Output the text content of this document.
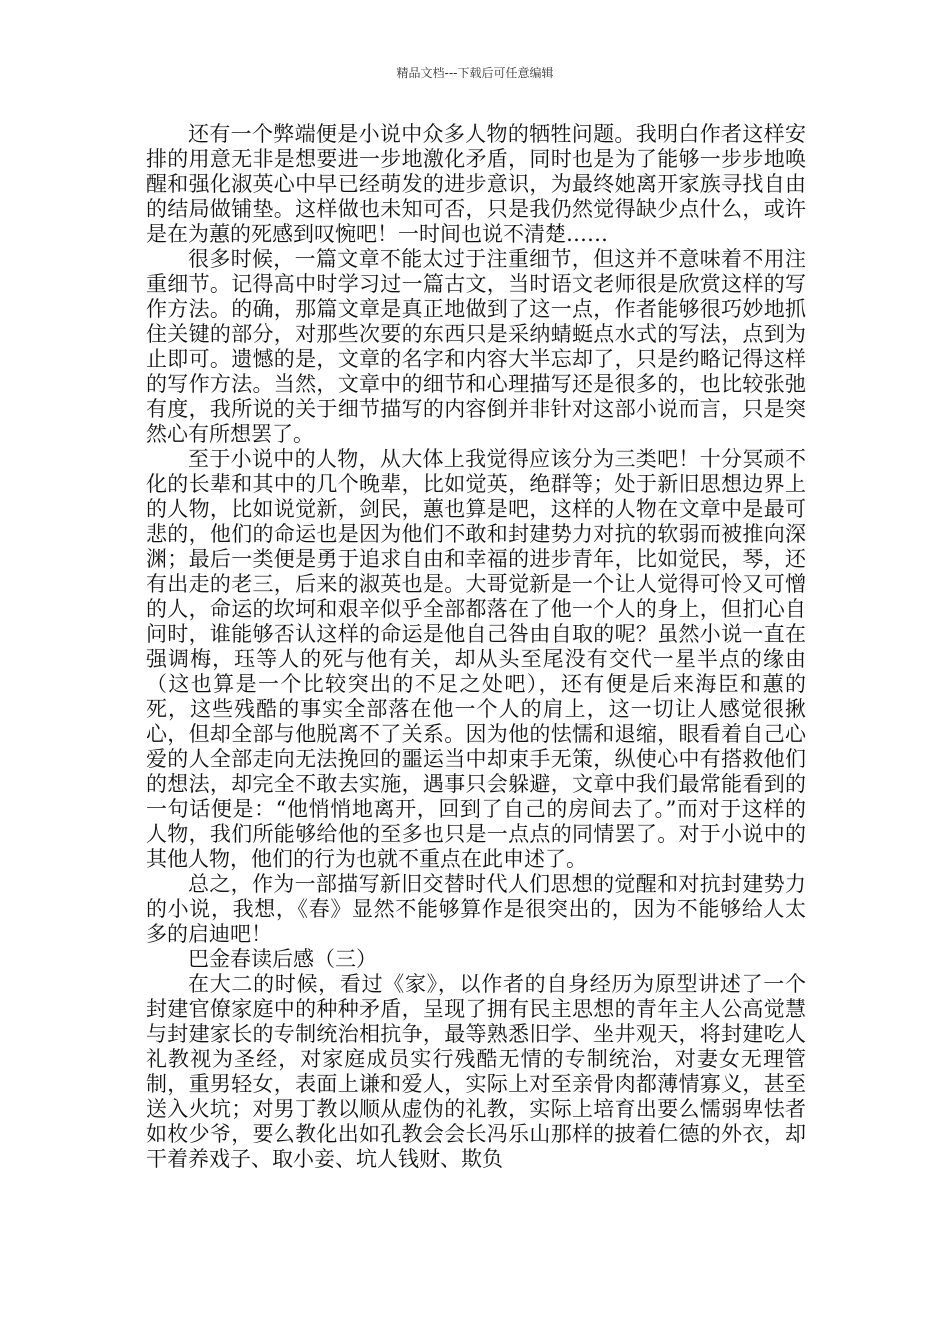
精品文档---下载后可任意编辑

还有一个弊端便是小说中众多人物的牺牲问题。我明白作者这样安排的用意无非是想要进一步地激化矛盾，同时也是为了能够一步步地唤醒和强化淑英心中早已经萌发的进步意识，为最终她离开家族寻找自由的结局做铺垫。这样做也未知可否，只是我仍然觉得缺少点什么，或许是在为蕙的死感到叹惋吧！一时间也说不清楚……

很多时候，一篇文章不能太过于注重细节，但这并不意味着不用注重细节。记得高中时学习过一篇古文，当时语文老师很是欣赏这样的写作方法。的确，那篇文章是真正地做到了这一点，作者能够很巧妙地抓住关键的部分，对那些次要的东西只是采纳蜻蜓点水式的写法，点到为止即可。遗憾的是，文章的名字和内容大半忘却了，只是约略记得这样的写作方法。当然，文章中的细节和心理描写还是很多的，也比较张弛有度，我所说的关于细节描写的内容倒并非针对这部小说而言，只是突然心有所想罢了。

至于小说中的人物，从大体上我觉得应该分为三类吧！十分冥顽不化的长辈和其中的几个晚辈，比如觉英，绝群等；处于新旧思想边界上的人物，比如说觉新，剑民，蕙也算是吧，这样的人物在文章中是最可悲的，他们的命运也是因为他们不敢和封建势力对抗的软弱而被推向深渊；最后一类便是勇于追求自由和幸福的进步青年，比如觉民，琴，还有出走的老三，后来的淑英也是。大哥觉新是一个让人觉得可怜又可憎的人，命运的坎坷和艰辛似乎全部都落在了他一个人的身上，但扪心自问时，谁能够否认这样的命运是他自己咎由自取的呢？虽然小说一直在强调梅，珏等人的死与他有关，却从头至尾没有交代一星半点的缘由（这也算是一个比较突出的不足之处吧），还有便是后来海臣和蕙的死，这些残酷的事实全部落在他一个人的肩上，这一切让人感觉很揪心，但却全部与他脱离不了关系。因为他的怯懦和退缩，眼看着自己心爱的人全部走向无法挽回的噩运当中却束手无策，纵使心中有搭救他们的想法，却完全不敢去实施，遇事只会躲避，文章中我们最常能看到的一句话便是：“他悄悄地离开，回到了自己的房间去了。”而对于这样的人物，我们所能够给他的至多也只是一点点的同情罢了。对于小说中的其他人物，他们的行为也就不重点在此申述了。

总之，作为一部描写新旧交替时代人们思想的觉醒和对抗封建势力的小说，我想，《春》显然不能够算作是很突出的，因为不能够给人太多的启迪吧！

巴金春读后感（三）

在大二的时候，看过《家》，以作者的自身经历为原型讲述了一个封建官僚家庭中的种种矛盾，呈现了拥有民主思想的青年主人公高觉慧与封建家长的专制统治相抗争，最等熟悉旧学、坐井观天，将封建吃人礼教视为圣经，对家庭成员实行残酷无情的专制统治，对妻女无理管制，重男轻女，表面上谦和爱人，实际上对至亲骨肉都薄情寡义，甚至送入火坑；对男丁教以顺从虚伪的礼教，实际上培育出要么懦弱卑怯者如枚少爷，要么教化出如孔教会会长冯乐山那样的披着仁德的外衣，却干着养戏子、取小妾、坑人钱财、欺负
